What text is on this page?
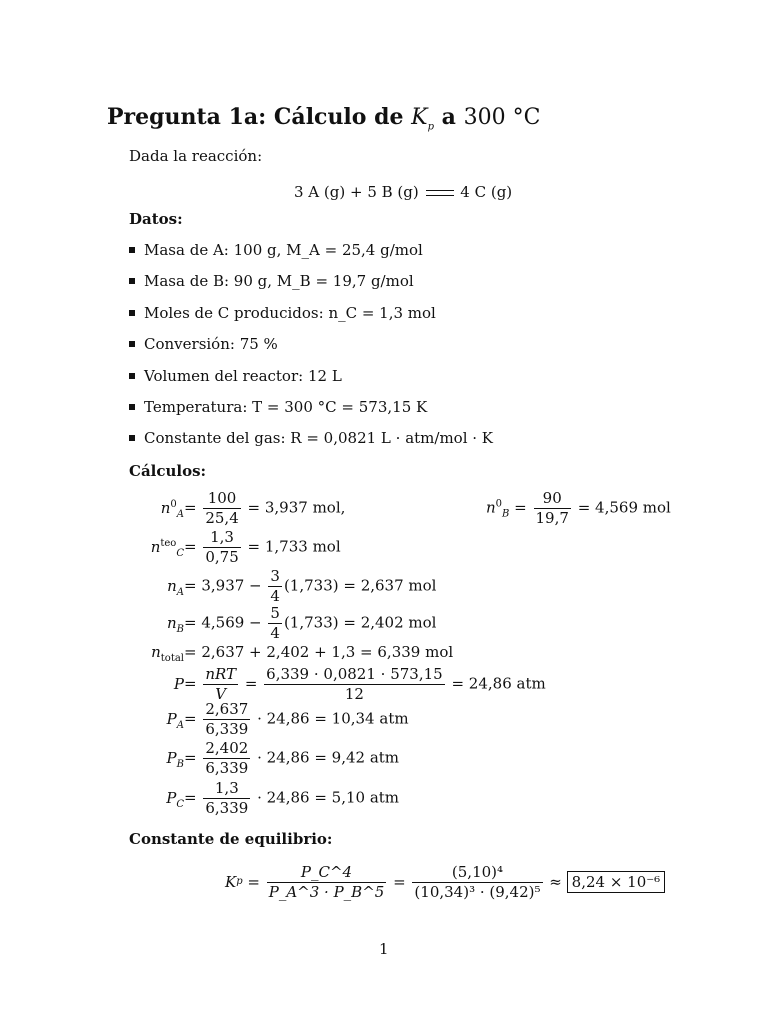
Pregunta 1a: Cálculo de $K_p$ a 300 °C
Dada la reacción:
3 A (g) + 5 B (g)	4 C (g)
Datos:
Masa de A: 100 g, M_A = 25,4 g/mol
Masa de B: 90 g, M_B = 19,7 g/mol
Moles de C producidos: n_C = 1,3 mol
Conversión: 75 %
Volumen del reactor: 12 L
Temperatura: T = 300 °C = 573,15 K
Constante del gas: R = 0,0821 L · atm/mol · K
Cálculos:
$n^0_A = \frac{100}{25,4} = 3,937$ mol,	$n^0_B = \frac{90}{19,7} = 4,569$ mol
$n^{teo}_C = \frac{1,3}{0,75} = 1,733$ mol
$n_A = 3,937 - \frac{3}{4} (1,733) = 2,637$ mol
$n_B = 4,569 - \frac{5}{4} (1,733) = 2,402$ mol
$n_{total} = 2,637 + 2,402 + 1,3 = 6,339$ mol
$P = \frac{\text{nRT}}{V} = \frac{6,339 \cdot 0,0821 \cdot 573,15}{12} = 24,86$ atm
$P_A = \frac{2,637}{6,339} \cdot 24,86 = 10,34$ atm
$P_B = \frac{2,402}{6,339} \cdot 24,86 = 9,42$ atm
$P_C = \frac{1,3}{6,339} \cdot 24,86 = 5,10$ atm
Constante de equilibrio:
K $p = \frac{P\_C\^{}4}{P\_A\^{}3 \cdot P\_B\^{}5} = \frac{\text{(5,10)⁴}}{\text{(10,34)³ · (9,42)⁵}}$
≈
8,24 × 10⁻⁶
1
